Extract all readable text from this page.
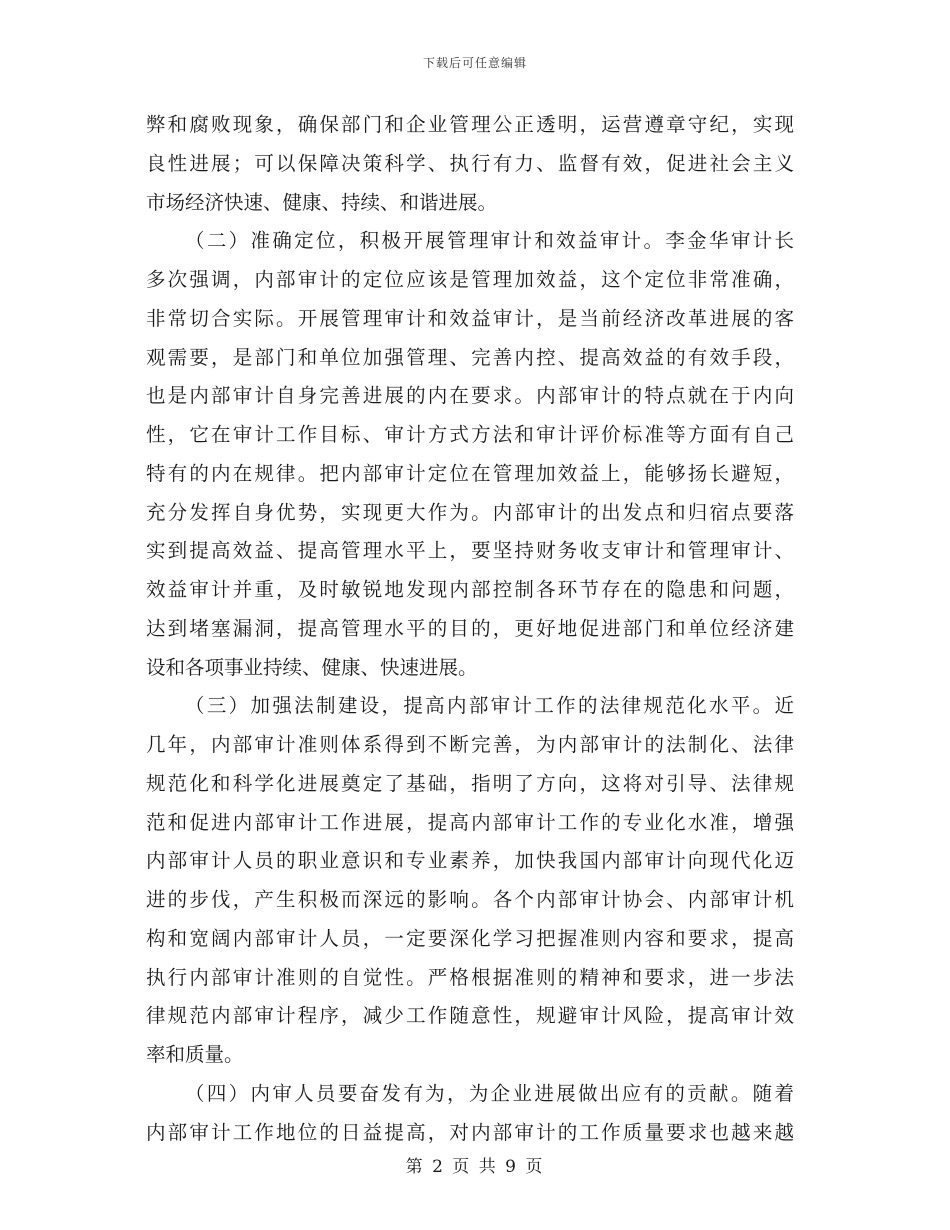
下载后可任意编辑
弊和腐败现象，确保部门和企业管理公正透明，运营遵章守纪，实现
良性进展；可以保障决策科学、执行有力、监督有效，促进社会主义
市场经济快速、健康、持续、和谐进展。
（二）准确定位，积极开展管理审计和效益审计。李金华审计长
多次强调，内部审计的定位应该是管理加效益，这个定位非常准确，
非常切合实际。开展管理审计和效益审计，是当前经济改革进展的客
观需要，是部门和单位加强管理、完善内控、提高效益的有效手段，
也是内部审计自身完善进展的内在要求。内部审计的特点就在于内向
性，它在审计工作目标、审计方式方法和审计评价标准等方面有自己
特有的内在规律。把内部审计定位在管理加效益上，能够扬长避短，
充分发挥自身优势，实现更大作为。内部审计的出发点和归宿点要落
实到提高效益、提高管理水平上，要坚持财务收支审计和管理审计、
效益审计并重，及时敏锐地发现内部控制各环节存在的隐患和问题，
达到堵塞漏洞，提高管理水平的目的，更好地促进部门和单位经济建
设和各项事业持续、健康、快速进展。
（三）加强法制建设，提高内部审计工作的法律规范化水平。近
几年，内部审计准则体系得到不断完善，为内部审计的法制化、法律
规范化和科学化进展奠定了基础，指明了方向，这将对引导、法律规
范和促进内部审计工作进展，提高内部审计工作的专业化水准，增强
内部审计人员的职业意识和专业素养，加快我国内部审计向现代化迈
进的步伐，产生积极而深远的影响。各个内部审计协会、内部审计机
构和宽阔内部审计人员，一定要深化学习把握准则内容和要求，提高
执行内部审计准则的自觉性。严格根据准则的精神和要求，进一步法
律规范内部审计程序，减少工作随意性，规避审计风险，提高审计效
率和质量。
（四）内审人员要奋发有为，为企业进展做出应有的贡献。随着
内部审计工作地位的日益提高，对内部审计的工作质量要求也越来越
第 2 页 共 9 页
